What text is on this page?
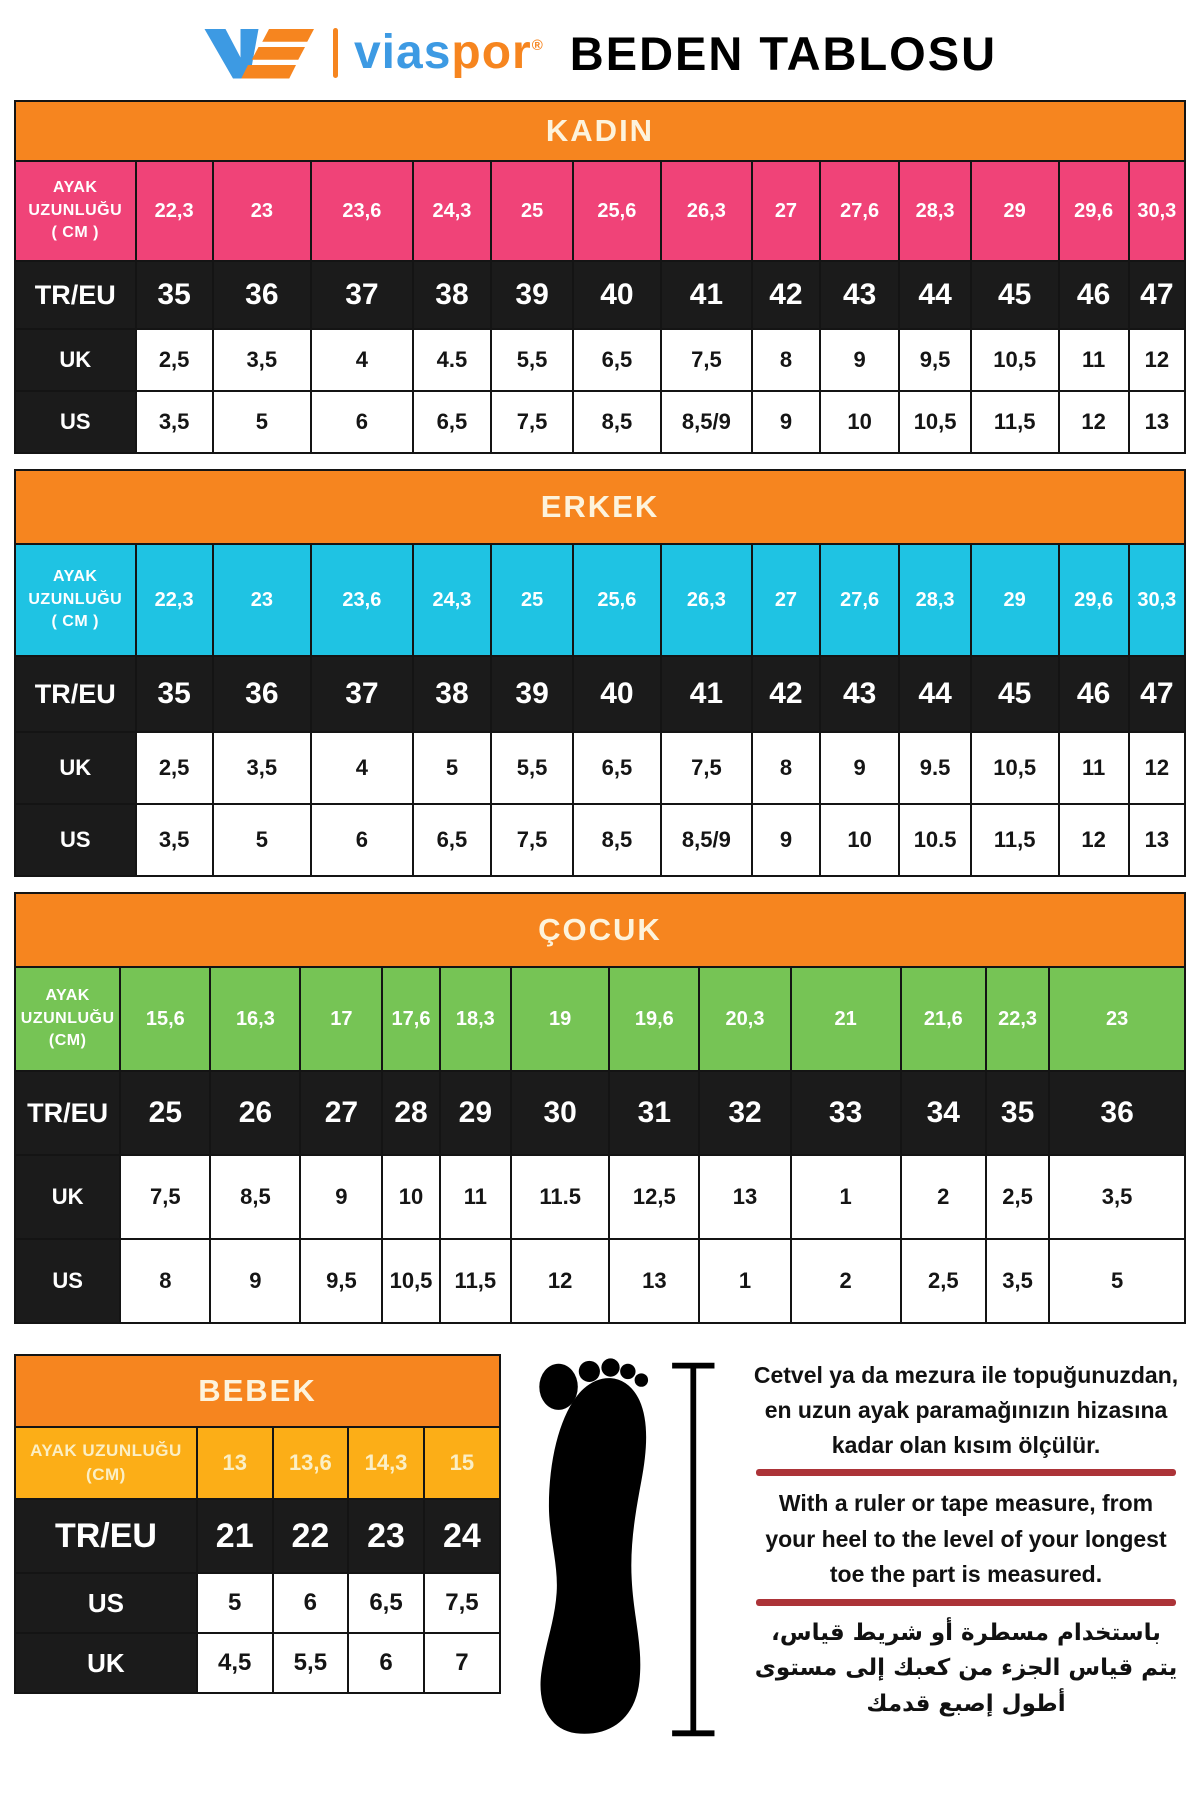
viaspor® BEDEN TABLOSU
KADIN													

AYAK
UZUNLUĞU
( CM )	22,3	23	23,6	24,3	25	25,6	26,3	27	27,6	28,3	29	29,6	30,3
TR/EU	35	36	37	38	39	40	41	42	43	44	45	46	47
UK	2,5	3,5	4	4.5	5,5	6,5	7,5	8	9	9,5	10,5	11	12
US	3,5	5	6	6,5	7,5	8,5	8,5/9	9	10	10,5	11,5	12	13
ERKEK													

AYAK
UZUNLUĞU
( CM )	22,3	23	23,6	24,3	25	25,6	26,3	27	27,6	28,3	29	29,6	30,3
TR/EU	35	36	37	38	39	40	41	42	43	44	45	46	47
UK	2,5	3,5	4	5	5,5	6,5	7,5	8	9	9.5	10,5	11	12
US	3,5	5	6	6,5	7,5	8,5	8,5/9	9	10	10.5	11,5	12	13
ÇOCUK												

AYAK
UZUNLUĞU
(CM)	15,6	16,3	17	17,6	18,3	19	19,6	20,3	21	21,6	22,3	23
TR/EU	25	26	27	28	29	30	31	32	33	34	35	36
UK	7,5	8,5	9	10	11	11.5	12,5	13	1	2	2,5	3,5
US	8	9	9,5	10,5	11,5	12	13	1	2	2,5	3,5	5
BEBEK				

AYAK UZUNLUĞU
(CM)	13	13,6	14,3	15
TR/EU	21	22	23	24
US	5	6	6,5	7,5
UK	4,5	5,5	6	7

Cetvel ya da mezura ile topuğunuzdan, en uzun ayak paramağınızın hizasına kadar olan kısım ölçülür.

With a ruler or tape measure, from your heel to the level of your longest toe the part is measured.

باستخدام مسطرة أو شريط قياس، يتم قياس الجزء من كعبك إلى مستوى أطول إصبع قدمك
